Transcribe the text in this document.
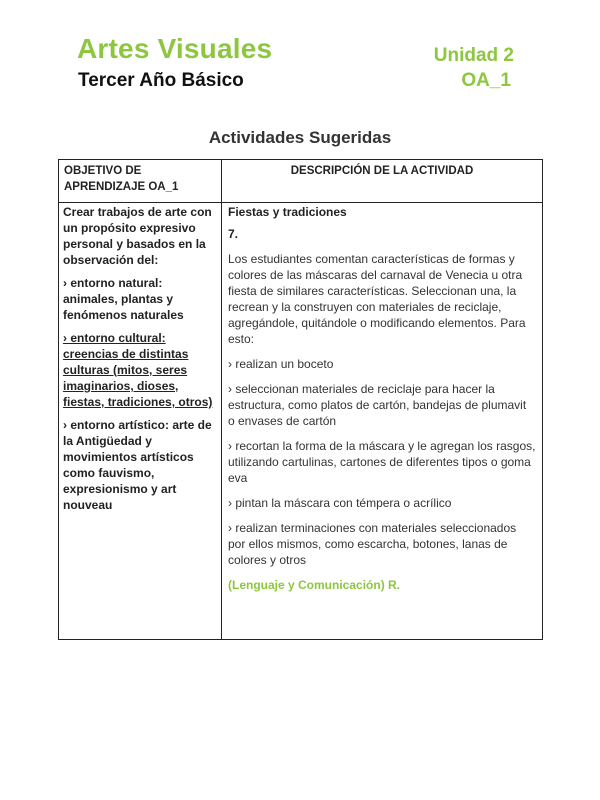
Artes Visuales
Tercer Año Básico
Unidad 2
OA_1
Actividades Sugeridas
OBJETIVO DE APRENDIZAJE OA_1
DESCRIPCIÓN DE LA ACTIVIDAD

Crear trabajos de arte con un propósito expresivo personal y basados en la observación del:

› entorno natural: animales, plantas y fenómenos naturales

› entorno cultural: creencias de distintas culturas (mitos, seres imaginarios, dioses, fiestas, tradiciones, otros)

› entorno artístico: arte de la Antigüedad y movimientos artísticos como fauvismo, expresionismo y art nouveau

Fiestas y tradiciones

7.

Los estudiantes comentan características de formas y colores de las máscaras del carnaval de Venecia u otra fiesta de similares características. Seleccionan una, la recrean y la construyen con materiales de reciclaje, agregándole, quitándole o modificando elementos. Para esto:

› realizan un boceto

› seleccionan materiales de reciclaje para hacer la estructura, como platos de cartón, bandejas de plumavit o envases de cartón

› recortan la forma de la máscara y le agregan los rasgos, utilizando cartulinas, cartones de diferentes tipos o goma eva

› pintan la máscara con témpera o acrílico

› realizan terminaciones con materiales seleccionados por ellos mismos, como escarcha, botones, lanas de colores y otros

(Lenguaje y Comunicación) R.
